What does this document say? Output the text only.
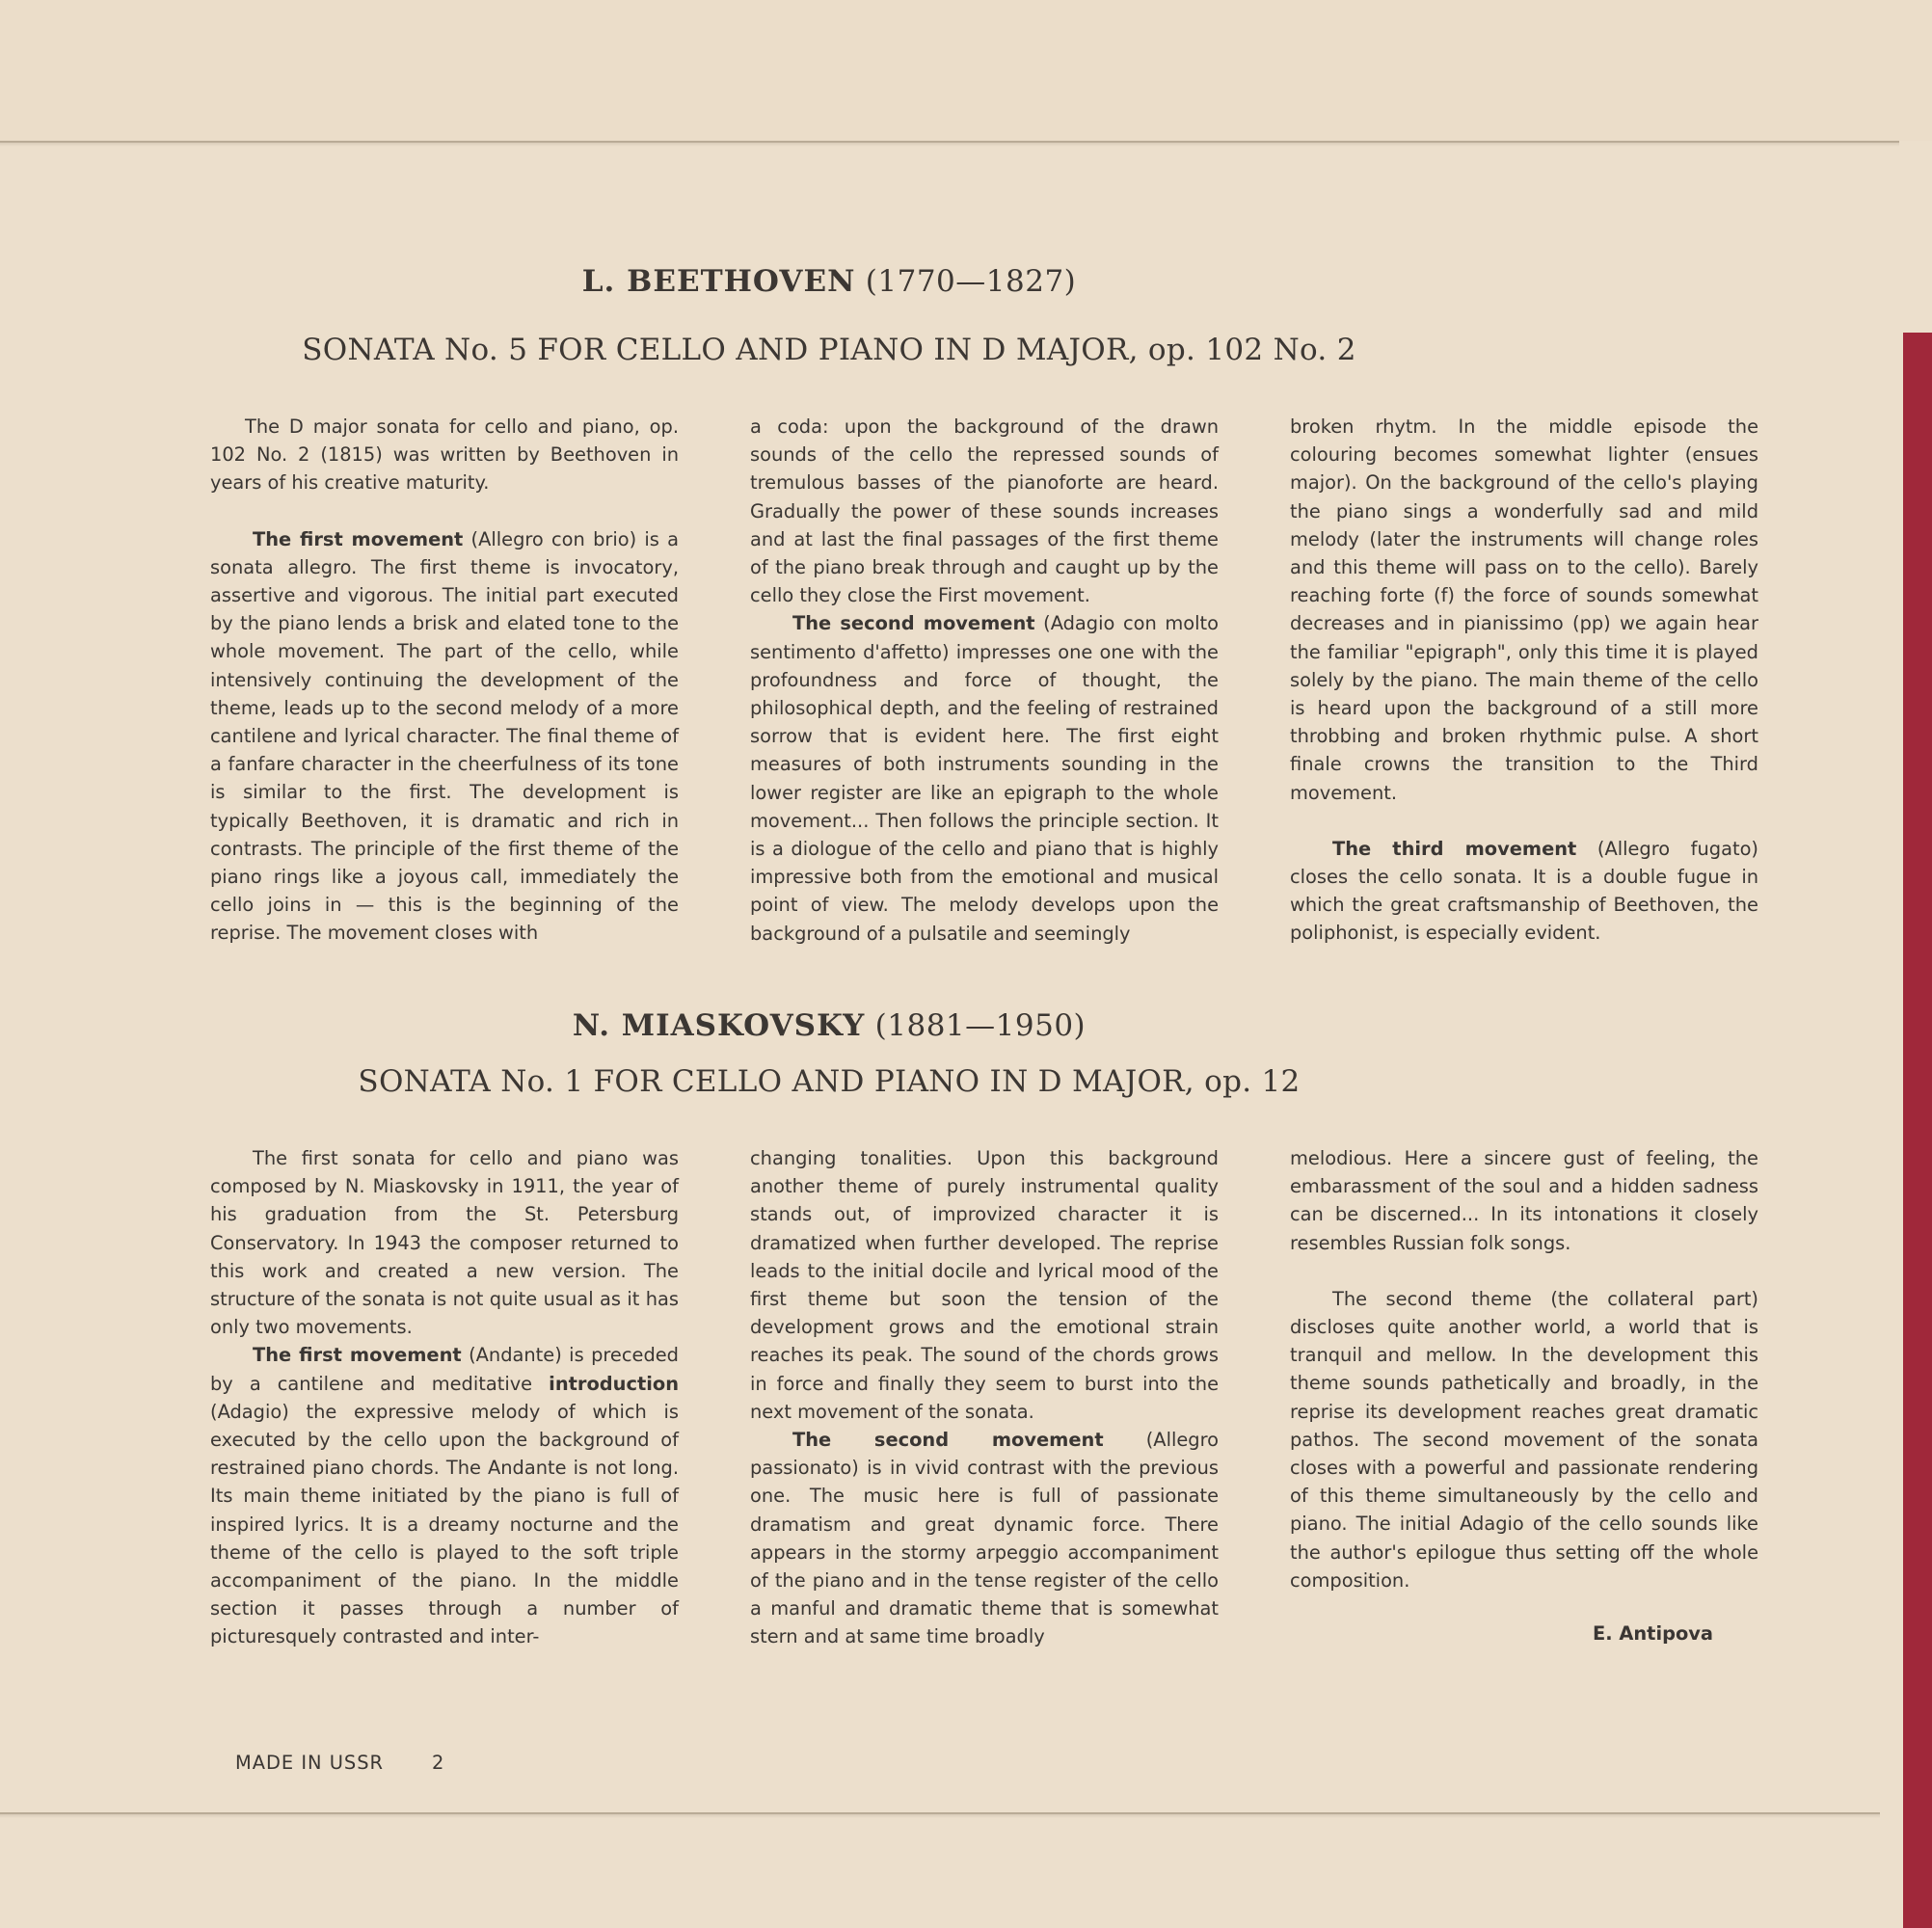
L. BEETHOVEN (1770—1827)
SONATA No. 5 FOR CELLO AND PIANO IN D MAJOR, op. 102 No. 2

The D major sonata for cello and piano, op. 102 No. 2 (1815) was written by Beethoven in years of his creative maturity.

The first movement (Allegro con brio) is a sonata allegro. The first theme is invocatory, assertive and vigorous. The initial part executed by the piano lends a brisk and elated tone to the whole movement. The part of the cello, while intensively continuing the development of the theme, leads up to the second melody of a more cantilene and lyrical character. The final theme of a fanfare character in the cheerfulness of its tone is similar to the first. The development is typically Beethoven, it is dramatic and rich in contrasts. The principle of the first theme of the piano rings like a joyous call, immediately the cello joins in — this is the beginning of the reprise. The movement closes with

a coda: upon the background of the drawn sounds of the cello the repressed sounds of tremulous basses of the pianoforte are heard. Gradually the power of these sounds increases and at last the final passages of the first theme of the piano break through and caught up by the cello they close the First movement.

The second movement (Adagio con molto sentimento d'affetto) impresses one one with the profoundness and force of thought, the philosophical depth, and the feeling of restrained sorrow that is evident here. The first eight measures of both instruments sounding in the lower register are like an epigraph to the whole movement... Then follows the principle section. It is a diologue of the cello and piano that is highly impressive both from the emotional and musical point of view. The melody develops upon the background of a pulsatile and seemingly

broken rhytm. In the middle episode the colouring becomes somewhat lighter (ensues major). On the background of the cello's playing the piano sings a wonderfully sad and mild melody (later the instruments will change roles and this theme will pass on to the cello). Barely reaching forte (f) the force of sounds somewhat decreases and in pianissimo (pp) we again hear the familiar "epigraph", only this time it is played solely by the piano. The main theme of the cello is heard upon the background of a still more throbbing and broken rhythmic pulse. A short finale crowns the transition to the Third movement.

The third movement (Allegro fugato) closes the cello sonata. It is a double fugue in which the great craftsmanship of Beethoven, the poliphonist, is especially evident.

N. MIASKOVSKY (1881—1950)
SONATA No. 1 FOR CELLO AND PIANO IN D MAJOR, op. 12

The first sonata for cello and piano was composed by N. Miaskovsky in 1911, the year of his graduation from the St. Petersburg Conservatory. In 1943 the composer returned to this work and created a new version. The structure of the sonata is not quite usual as it has only two movements.

The first movement (Andante) is preceded by a cantilene and meditative introduction (Adagio) the expressive melody of which is executed by the cello upon the background of restrained piano chords. The Andante is not long. Its main theme initiated by the piano is full of inspired lyrics. It is a dreamy nocturne and the theme of the cello is played to the soft triple accompaniment of the piano. In the middle section it passes through a number of picturesquely contrasted and inter-

changing tonalities. Upon this background another theme of purely instrumental quality stands out, of improvized character it is dramatized when further developed. The reprise leads to the initial docile and lyrical mood of the first theme but soon the tension of the development grows and the emotional strain reaches its peak. The sound of the chords grows in force and finally they seem to burst into the next movement of the sonata.

The second movement (Allegro passionato) is in vivid contrast with the previous one. The music here is full of passionate dramatism and great dynamic force. There appears in the stormy arpeggio accompaniment of the piano and in the tense register of the cello a manful and dramatic theme that is somewhat stern and at same time broadly

melodious. Here a sincere gust of feeling, the embarassment of the soul and a hidden sadness can be discerned... In its intonations it closely resembles Russian folk songs.

The second theme (the collateral part) discloses quite another world, a world that is tranquil and mellow. In the development this theme sounds pathetically and broadly, in the reprise its development reaches great dramatic pathos. The second movement of the sonata closes with a powerful and passionate rendering of this theme simultaneously by the cello and piano. The initial Adagio of the cello sounds like the author's epilogue thus setting off the whole composition.

E. Antipova
MADE IN USSR	2
